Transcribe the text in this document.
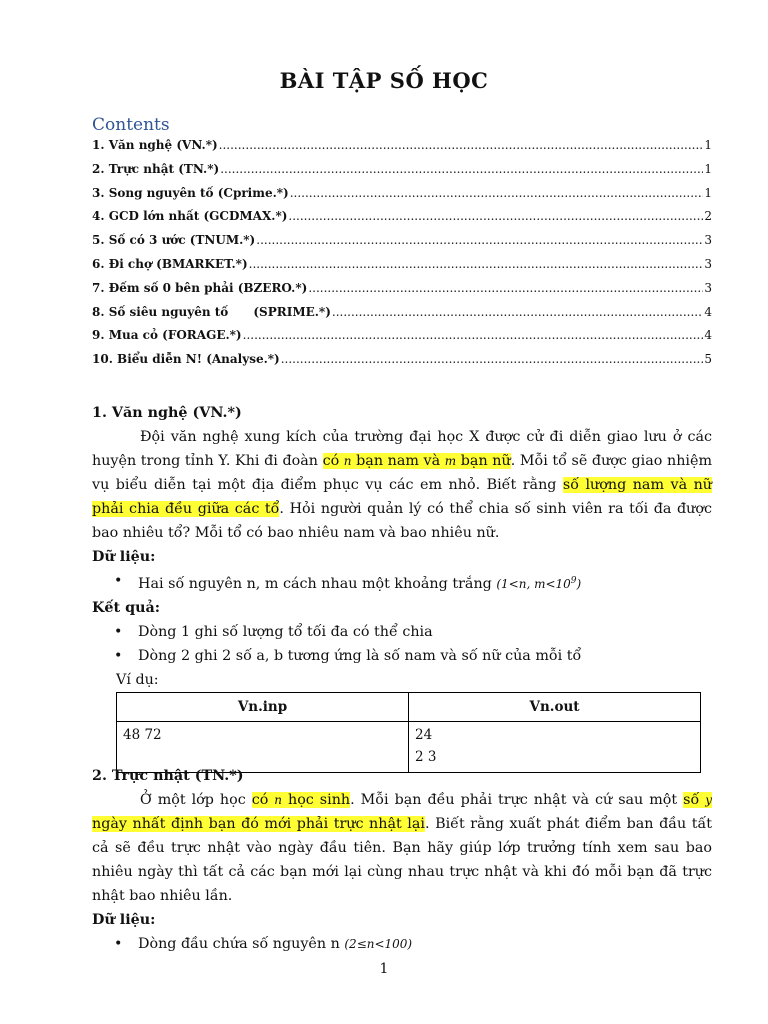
BÀI TẬP SỐ HỌC
Contents
1. Văn nghệ (VN.*) .....	1
2. Trực nhật (TN.*) .....	1
3. Song nguyên tố (Cprime.*) .....	1
4. GCD lớn nhất (GCDMAX.*) .....	2
5. Số có 3 ước (TNUM.*) .....	3
6. Đi chợ (BMARKET.*) .....	3
7. Đếm số 0 bên phải (BZERO.*) .....	3
8. Số siêu nguyên tố      (SPRIME.*) .....	4
9. Mua cỏ (FORAGE.*) .....	4
10. Biểu diễn N! (Analyse.*) .....	5
1. Văn nghệ (VN.*)

Đội văn nghệ xung kích của trường đại học X được cử đi diễn giao lưu ở các huyện trong tỉnh Y. Khi đi đoàn có n bạn nam và m bạn nữ. Mỗi tổ sẽ được giao nhiệm vụ biểu diễn tại một địa điểm phục vụ các em nhỏ. Biết rằng số lượng nam và nữ phải chia đều giữa các tổ. Hỏi người quản lý có thể chia số sinh viên ra tối đa được bao nhiêu tổ? Mỗi tổ có bao nhiêu nam và bao nhiêu nữ.

Dữ liệu:
• Hai số nguyên n, m cách nhau một khoảng trắng (1<n, $m<10^9$)
Kết quả:
• Dòng 1 ghi số lượng tổ tối đa có thể chia
• Dòng 2 ghi 2 số a, b tương ứng là số nam và số nữ của mỗi tổ
Ví dụ:
Vn.inp	Vn.out
48 72	24
2 3
2. Trực nhật (TN.*)

Ở một lớp học có n học sinh. Mỗi bạn đều phải trực nhật và cứ sau một số y ngày nhất định bạn đó mới phải trực nhật lại. Biết rằng xuất phát điểm ban đầu tất cả sẽ đều trực nhật vào ngày đầu tiên. Bạn hãy giúp lớp trưởng tính xem sau bao nhiêu ngày thì tất cả các bạn mới lại cùng nhau trực nhật và khi đó mỗi bạn đã trực nhật bao nhiêu lần.

Dữ liệu:
• Dòng đầu chứa số nguyên n (2≤n<100)
1
